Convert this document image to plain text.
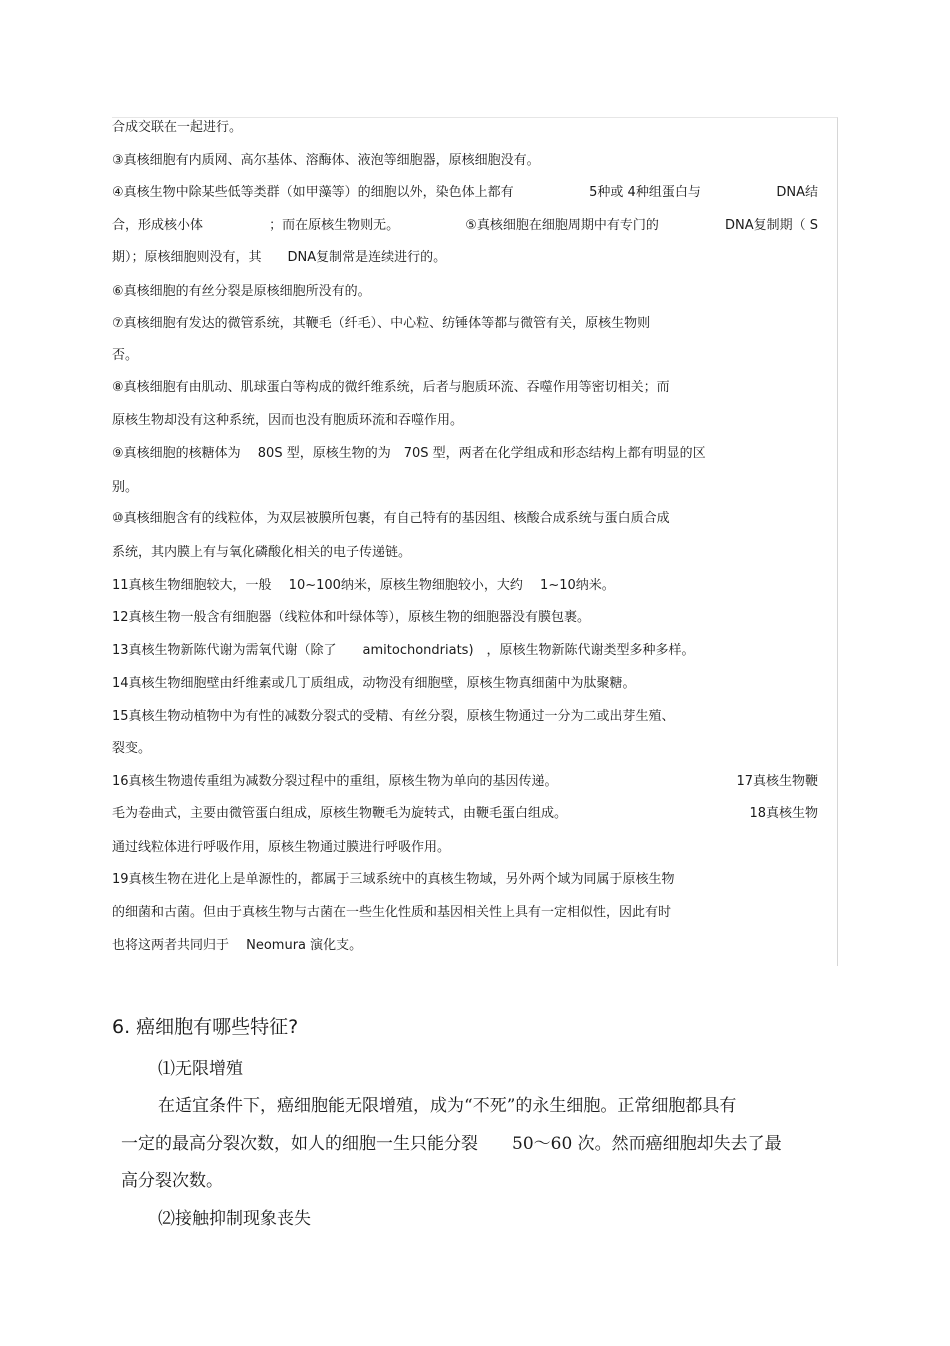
合成交联在一起进行。
③真核细胞有内质网、高尔基体、溶酶体、液泡等细胞器，原核细胞没有。
④真核生物中除某些低等类群（如甲藻等）的细胞以外，染色体上都有	5种或 4种组蛋白与	DNA结
合，形成核小体	；而在原核生物则无。	⑤真核细胞在细胞周期中有专门的	DNA复制期（ S
期）；原核细胞则没有，其　　DNA复制常是连续进行的。
⑥真核细胞的有丝分裂是原核细胞所没有的。
⑦真核细胞有发达的微管系统，其鞭毛（纤毛）、中心粒、纺锤体等都与微管有关，原核生物则
否。
⑧真核细胞有由肌动、肌球蛋白等构成的微纤维系统，后者与胞质环流、吞噬作用等密切相关；而
原核生物却没有这种系统，因而也没有胞质环流和吞噬作用。
⑨真核细胞的核糖体为　 80S 型，原核生物的为　70S 型，两者在化学组成和形态结构上都有明显的区
别。
⑩真核细胞含有的线粒体，为双层被膜所包裹，有自己特有的基因组、核酸合成系统与蛋白质合成
系统，其内膜上有与氧化磷酸化相关的电子传递链。
11真核生物细胞较大，一般　 10~100纳米，原核生物细胞较小，大约　 1~10纳米。
12真核生物一般含有细胞器（线粒体和叶绿体等），原核生物的细胞器没有膜包裹。
13真核生物新陈代谢为需氧代谢（除了　　amitochondriats)　，原核生物新陈代谢类型多种多样。
14真核生物细胞壁由纤维素或几丁质组成，动物没有细胞壁，原核生物真细菌中为肽聚糖。
15真核生物动植物中为有性的减数分裂式的受精、有丝分裂，原核生物通过一分为二或出芽生殖、
裂变。
16真核生物遗传重组为减数分裂过程中的重组，原核生物为单向的基因传递。	17真核生物鞭
毛为卷曲式，主要由微管蛋白组成，原核生物鞭毛为旋转式，由鞭毛蛋白组成。	18真核生物
通过线粒体进行呼吸作用，原核生物通过膜进行呼吸作用。
19真核生物在进化上是单源性的，都属于三域系统中的真核生物域，另外两个域为同属于原核生物
的细菌和古菌。但由于真核生物与古菌在一些生化性质和基因相关性上具有一定相似性，因此有时
也将这两者共同归于　 Neomura 演化支。
6. 癌细胞有哪些特征?
⑴无限增殖
在适宜条件下，癌细胞能无限增殖，成为“不死”的永生细胞。正常细胞都具有
一定的最高分裂次数，如人的细胞一生只能分裂　　50～60 次。然而癌细胞却失去了最
高分裂次数。
⑵接触抑制现象丧失
